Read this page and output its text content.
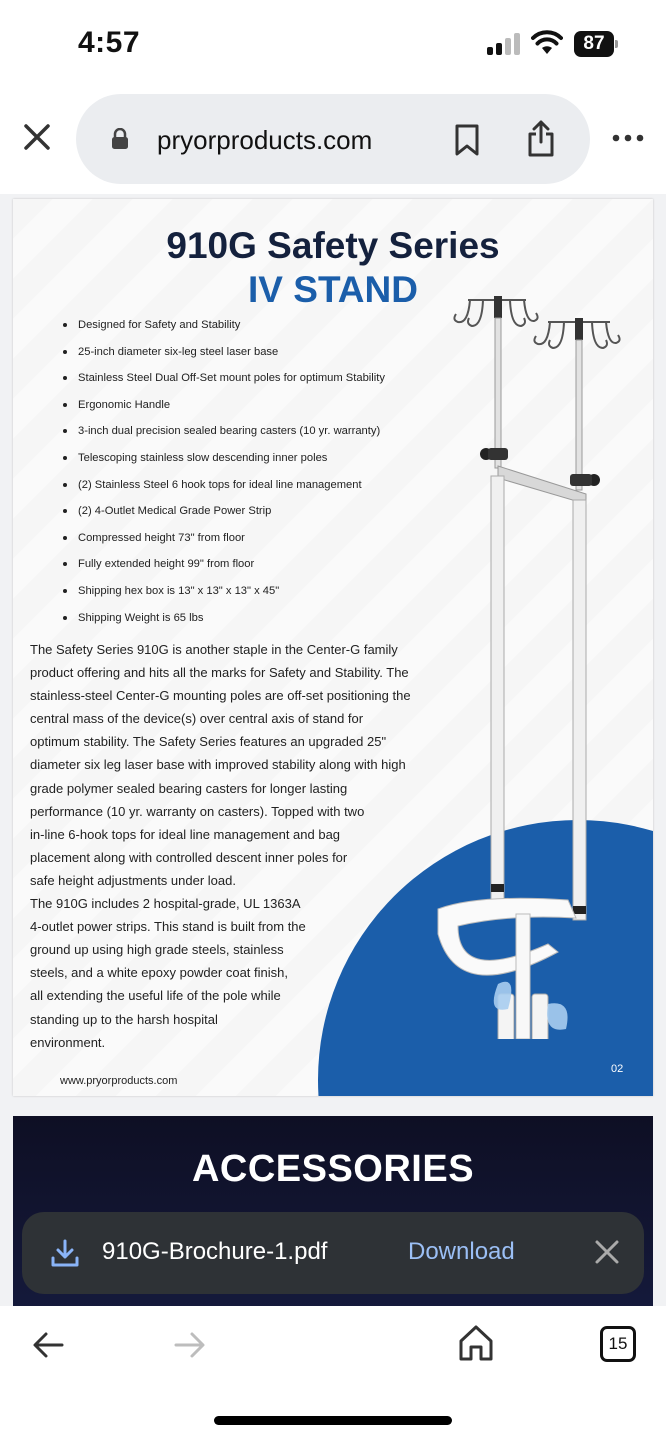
4:57	87
pryorproducts.com
910G Safety Series
IV STAND
Designed for Safety and Stability
25-inch diameter six-leg steel laser base
Stainless Steel Dual Off-Set mount poles for optimum Stability
Ergonomic Handle
3-inch dual precision sealed bearing casters (10 yr. warranty)
Telescoping stainless slow descending inner poles
(2) Stainless Steel 6 hook tops for ideal line management
(2) 4-Outlet Medical Grade Power Strip
Compressed height 73" from floor
Fully extended height 99" from floor
Shipping hex box is 13" x 13" x 13" x 45"
Shipping Weight is 65 lbs

The Safety Series 910G is another staple in the Center-G family
product offering and hits all the marks for Safety and Stability. The
stainless-steel Center-G mounting poles are off-set positioning the
central mass of the device(s) over central axis of stand for
optimum stability. The Safety Series features an upgraded 25"
diameter six leg laser base with improved stability along with high
grade polymer sealed bearing casters for longer lasting
performance (10 yr. warranty on casters). Topped with two
in-line 6-hook tops for ideal line management and bag
placement along with controlled descent inner poles for
safe height adjustments under load.
The 910G includes 2 hospital-grade, UL 1363A
4-outlet power strips. This stand is built from the
ground up using high grade steels, stainless
steels, and a white epoxy powder coat finish,
all extending the useful life of the pole while
standing up to the harsh hospital
environment.

02
www.pryorproducts.com
ACCESSORIES
910G-Brochure-1.pdf	Download
15
